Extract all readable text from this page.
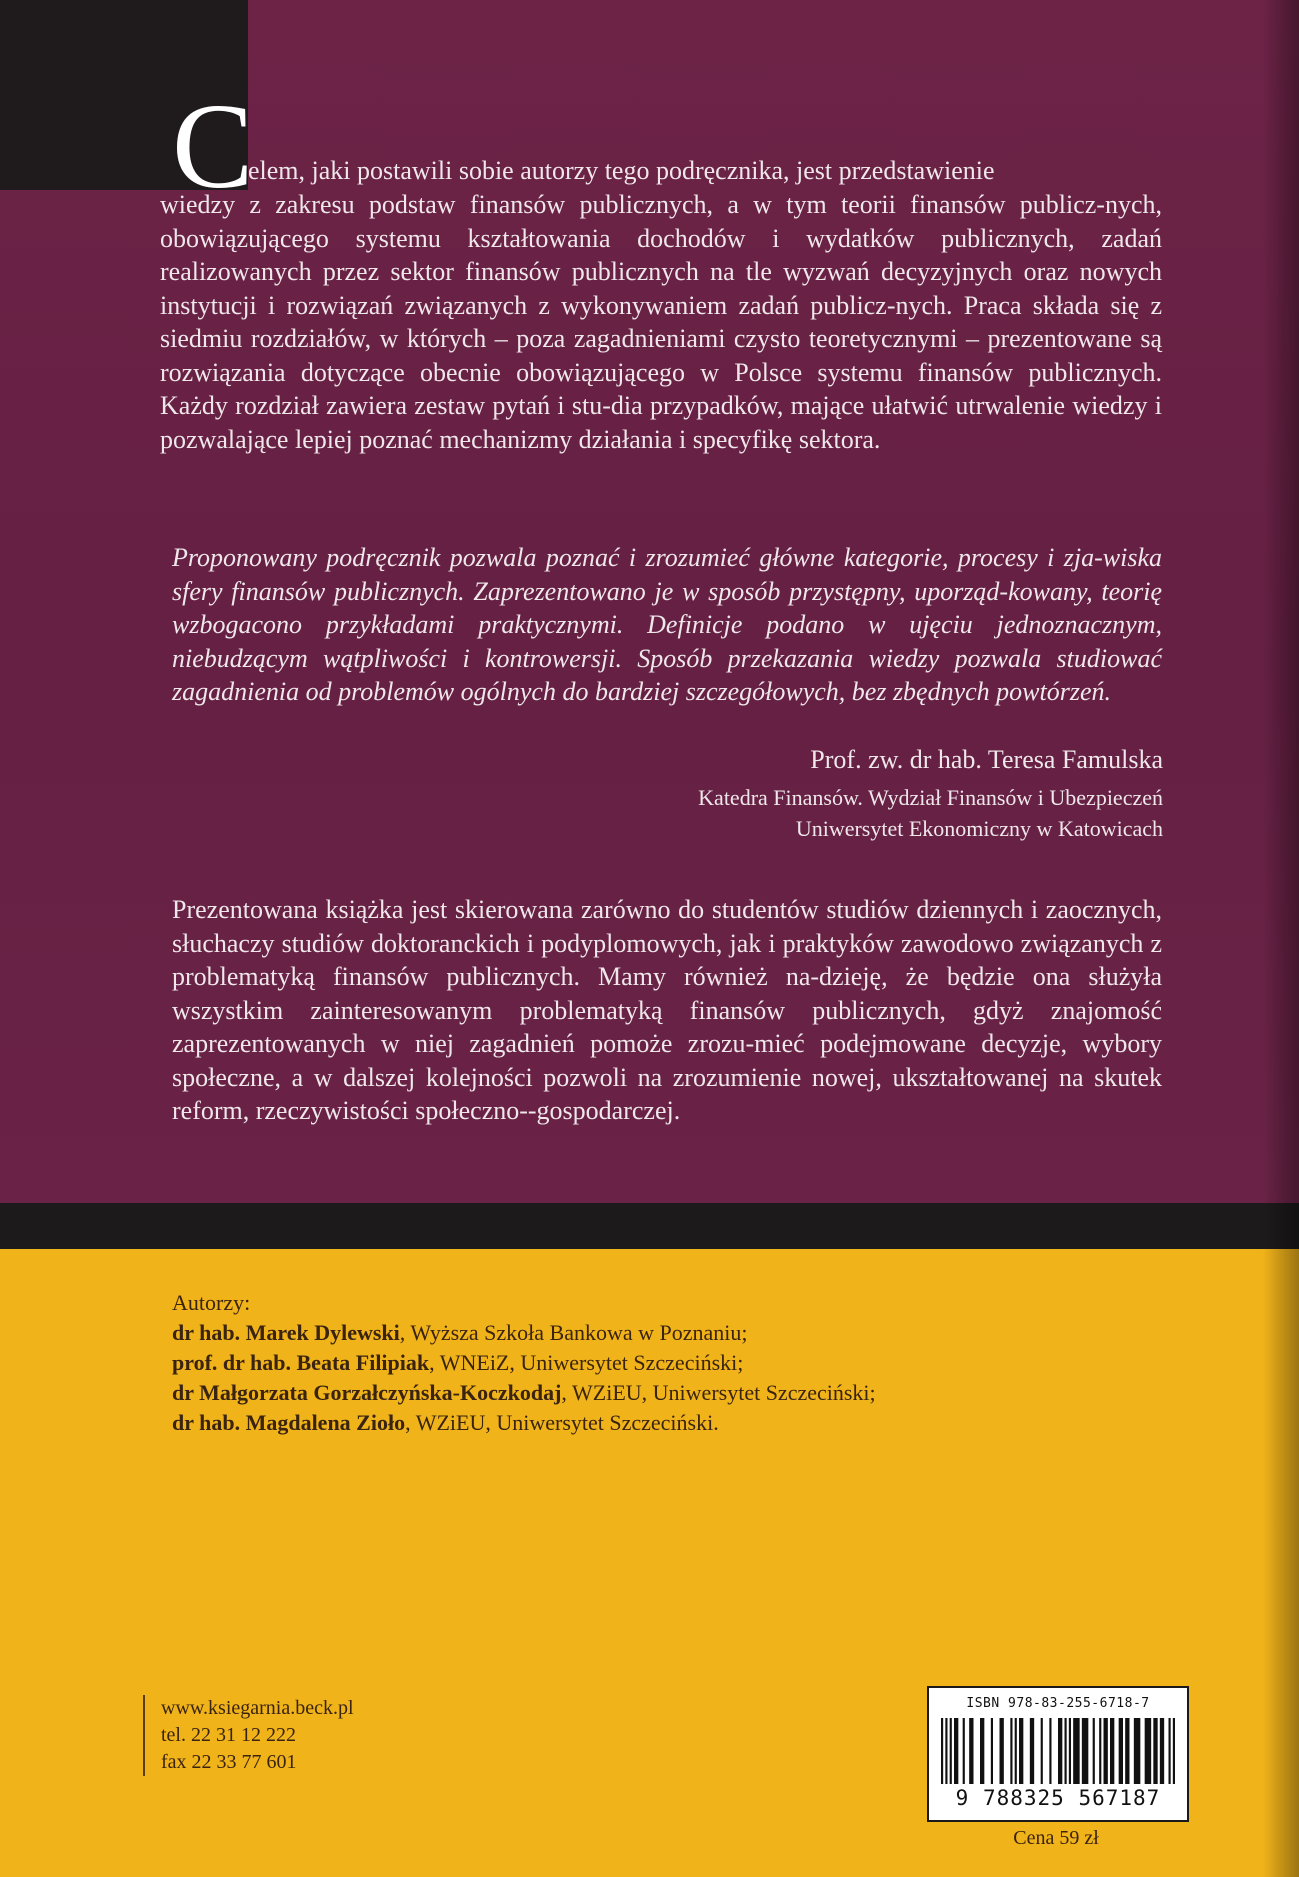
C
elem, jaki postawili sobie autorzy tego podręcznika, jest przedstawienie
wiedzy z zakresu podstaw finansów publicznych, a w tym teorii finansów publicz-nych, obowiązującego systemu kształtowania dochodów i wydatków publicznych, zadań realizowanych przez sektor finansów publicznych na tle wyzwań decyzyjnych oraz nowych instytucji i rozwiązań związanych z wykonywaniem zadań publicz-nych. Praca składa się z siedmiu rozdziałów, w których – poza zagadnieniami czysto teoretycznymi – prezentowane są rozwiązania dotyczące obecnie obowiązującego w Polsce systemu finansów publicznych. Każdy rozdział zawiera zestaw pytań i stu-dia przypadków, mające ułatwić utrwalenie wiedzy i pozwalające lepiej poznać mechanizmy działania i specyfikę sektora.
Proponowany podręcznik pozwala poznać i zrozumieć główne kategorie, procesy i zja-wiska sfery finansów publicznych. Zaprezentowano je w sposób przystępny, uporząd-kowany, teorię wzbogacono przykładami praktycznymi. Definicje podano w ujęciu jednoznacznym, niebudzącym wątpliwości i kontrowersji. Sposób przekazania wiedzy pozwala studiować zagadnienia od problemów ogólnych do bardziej szczegółowych, bez zbędnych powtórzeń.
Prof. zw. dr hab. Teresa Famulska
Katedra Finansów. Wydział Finansów i Ubezpieczeń
Uniwersytet Ekonomiczny w Katowicach
Prezentowana książka jest skierowana zarówno do studentów studiów dziennych i zaocznych, słuchaczy studiów doktoranckich i podyplomowych, jak i praktyków zawodowo związanych z problematyką finansów publicznych. Mamy również na-dzieję, że będzie ona służyła wszystkim zainteresowanym problematyką finansów publicznych, gdyż znajomość zaprezentowanych w niej zagadnień pomoże zrozu-mieć podejmowane decyzje, wybory społeczne, a w dalszej kolejności pozwoli na zrozumienie nowej, ukształtowanej na skutek reform, rzeczywistości społeczno--gospodarczej.
Autorzy:
dr hab. Marek Dylewski, Wyższa Szkoła Bankowa w Poznaniu;
prof. dr hab. Beata Filipiak, WNEiZ, Uniwersytet Szczeciński;
dr Małgorzata Gorzałczyńska-Koczkodaj, WZiEU, Uniwersytet Szczeciński;
dr hab. Magdalena Zioło, WZiEU, Uniwersytet Szczeciński.
www.ksiegarnia.beck.pl
tel. 22 31 12 222
fax 22 33 77 601
ISBN 978-83-255-6718-7
9 788325 567187
Cena 59 zł
